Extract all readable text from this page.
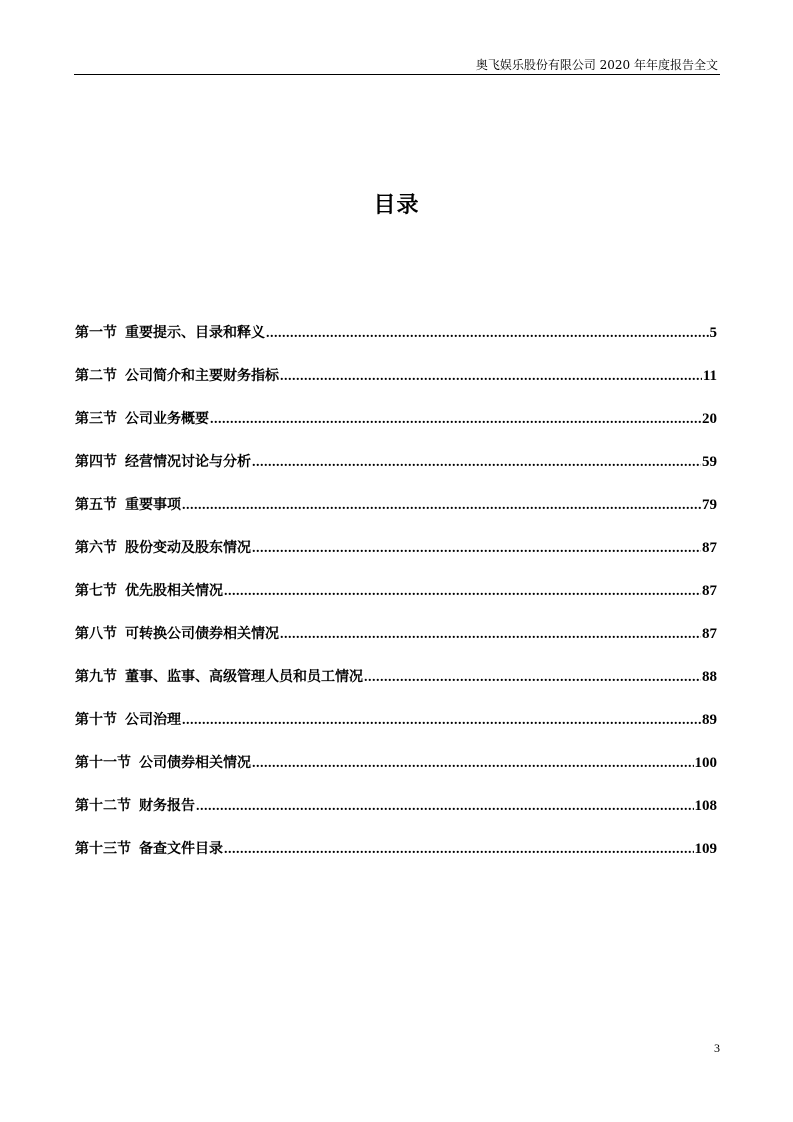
奥飞娱乐股份有限公司 2020 年年度报告全文
目录
第一节 重要提示、目录和释义 .....	5
第二节 公司简介和主要财务指标 .....	11
第三节 公司业务概要 .....	20
第四节 经营情况讨论与分析 .....	59
第五节 重要事项 .....	79
第六节 股份变动及股东情况 .....	87
第七节 优先股相关情况 .....	87
第八节 可转换公司债券相关情况 .....	87
第九节 董事、监事、高级管理人员和员工情况 .....	88
第十节 公司治理 .....	89
第十一节 公司债券相关情况 .....	100
第十二节 财务报告 .....	108
第十三节 备查文件目录 .....	109
3
